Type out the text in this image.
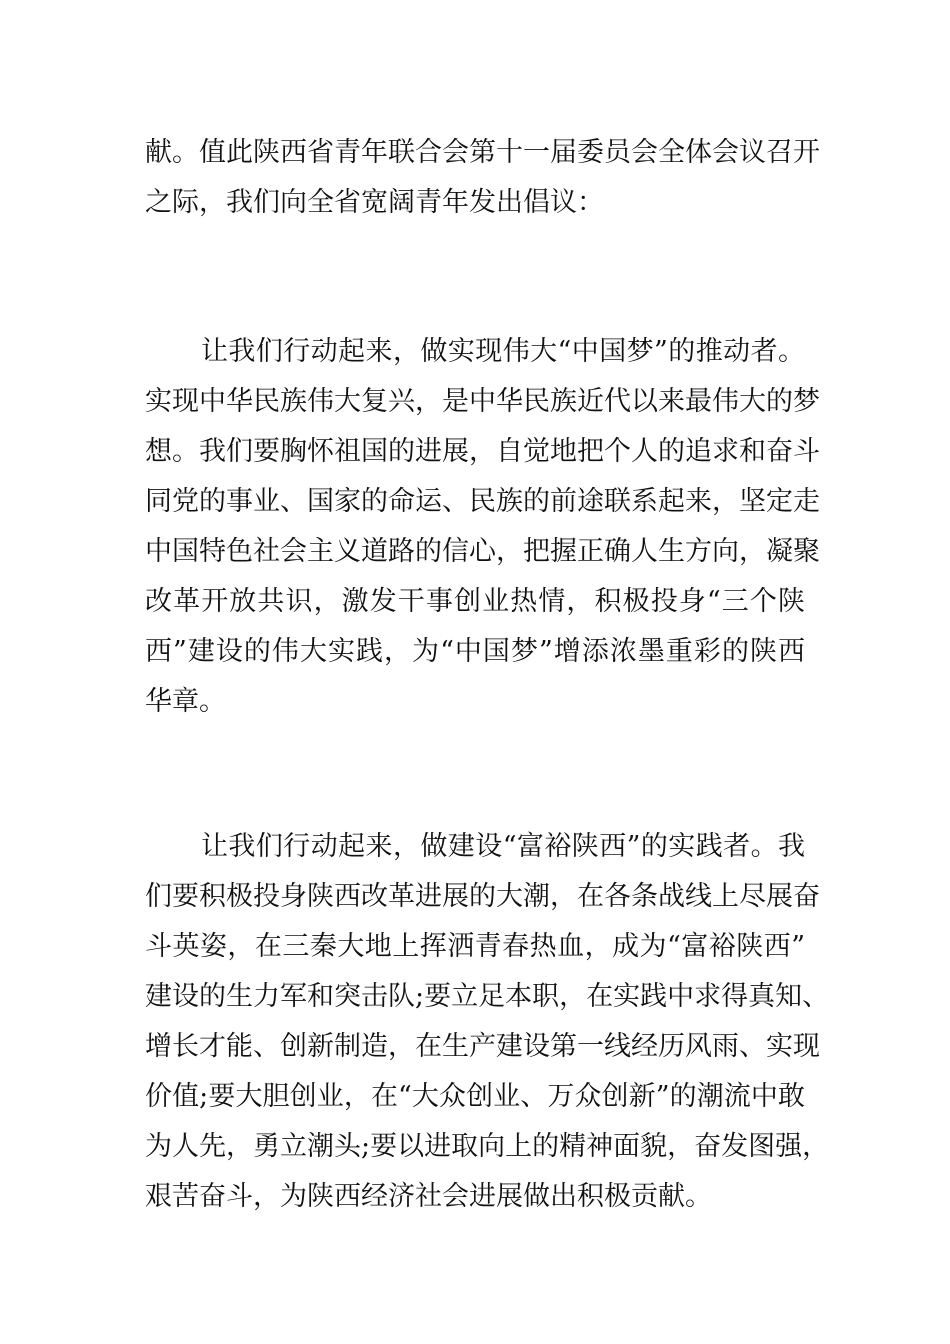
献。值此陕西省青年联合会第十一届委员会全体会议召开
之际，我们向全省宽阔青年发出倡议：
让我们行动起来，做实现伟大“中国梦”的推动者。
实现中华民族伟大复兴，是中华民族近代以来最伟大的梦
想。我们要胸怀祖国的进展，自觉地把个人的追求和奋斗
同党的事业、国家的命运、民族的前途联系起来，坚定走
中国特色社会主义道路的信心，把握正确人生方向，凝聚
改革开放共识，激发干事创业热情，积极投身“三个陕
西”建设的伟大实践，为“中国梦”增添浓墨重彩的陕西
华章。
让我们行动起来，做建设“富裕陕西”的实践者。我
们要积极投身陕西改革进展的大潮，在各条战线上尽展奋
斗英姿，在三秦大地上挥洒青春热血，成为“富裕陕西”
建设的生力军和突击队;要立足本职，在实践中求得真知、
增长才能、创新制造，在生产建设第一线经历风雨、实现
价值;要大胆创业，在“大众创业、万众创新”的潮流中敢
为人先，勇立潮头;要以进取向上的精神面貌，奋发图强，
艰苦奋斗，为陕西经济社会进展做出积极贡献。
